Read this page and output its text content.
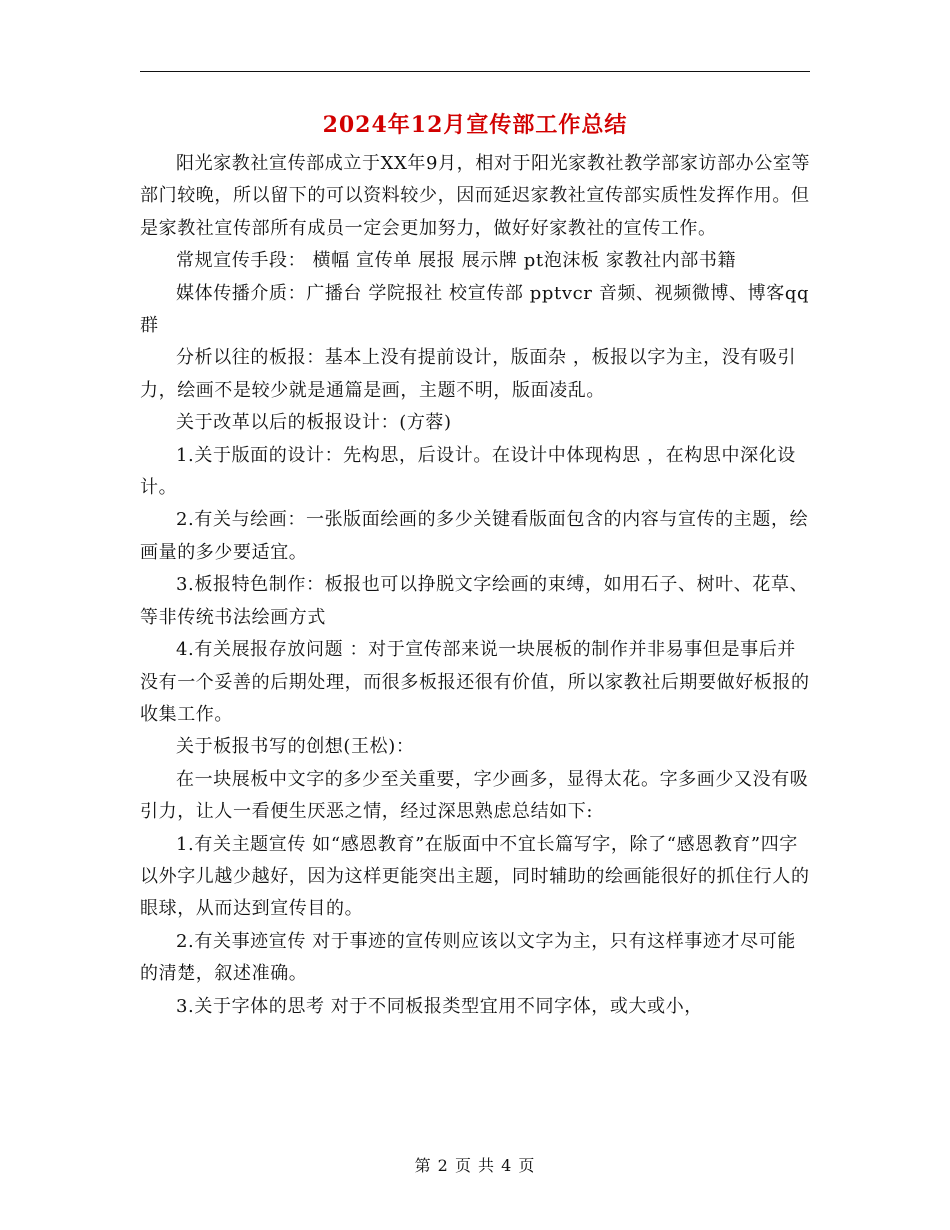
2024年12月宣传部工作总结

阳光家教社宣传部成立于XX年9月，相对于阳光家教社教学部家访部办公室等部门较晚，所以留下的可以资料较少，因而延迟家教社宣传部实质性发挥作用。但是家教社宣传部所有成员一定会更加努力，做好好家教社的宣传工作。

常规宣传手段： 横幅 宣传单 展报 展示牌 pt泡沫板 家教社内部书籍

媒体传播介质：广播台 学院报社 校宣传部 pptvcr 音频、视频微博、博客qq群

分析以往的板报：基本上没有提前设计，版面杂 ，板报以字为主，没有吸引力，绘画不是较少就是通篇是画，主题不明，版面凌乱。

关于改革以后的板报设计：(方蓉)

1.关于版面的设计：先构思，后设计。在设计中体现构思 ，在构思中深化设计。

2.有关与绘画：一张版面绘画的多少关键看版面包含的内容与宣传的主题，绘画量的多少要适宜。

3.板报特色制作：板报也可以挣脱文字绘画的束缚，如用石子、树叶、花草、等非传统书法绘画方式

4.有关展报存放问题 ：对于宣传部来说一块展板的制作并非易事但是事后并没有一个妥善的后期处理，而很多板报还很有价值，所以家教社后期要做好板报的收集工作。

关于板报书写的创想(王松)：

在一块展板中文字的多少至关重要，字少画多，显得太花。字多画少又没有吸引力，让人一看便生厌恶之情，经过深思熟虑总结如下:

1.有关主题宣传 如“感恩教育”在版面中不宜长篇写字，除了“感恩教育”四字以外字儿越少越好，因为这样更能突出主题，同时辅助的绘画能很好的抓住行人的眼球，从而达到宣传目的。

2.有关事迹宣传 对于事迹的宣传则应该以文字为主，只有这样事迹才尽可能的清楚，叙述准确。

3.关于字体的思考 对于不同板报类型宜用不同字体，或大或小，

第 2 页 共 4 页
